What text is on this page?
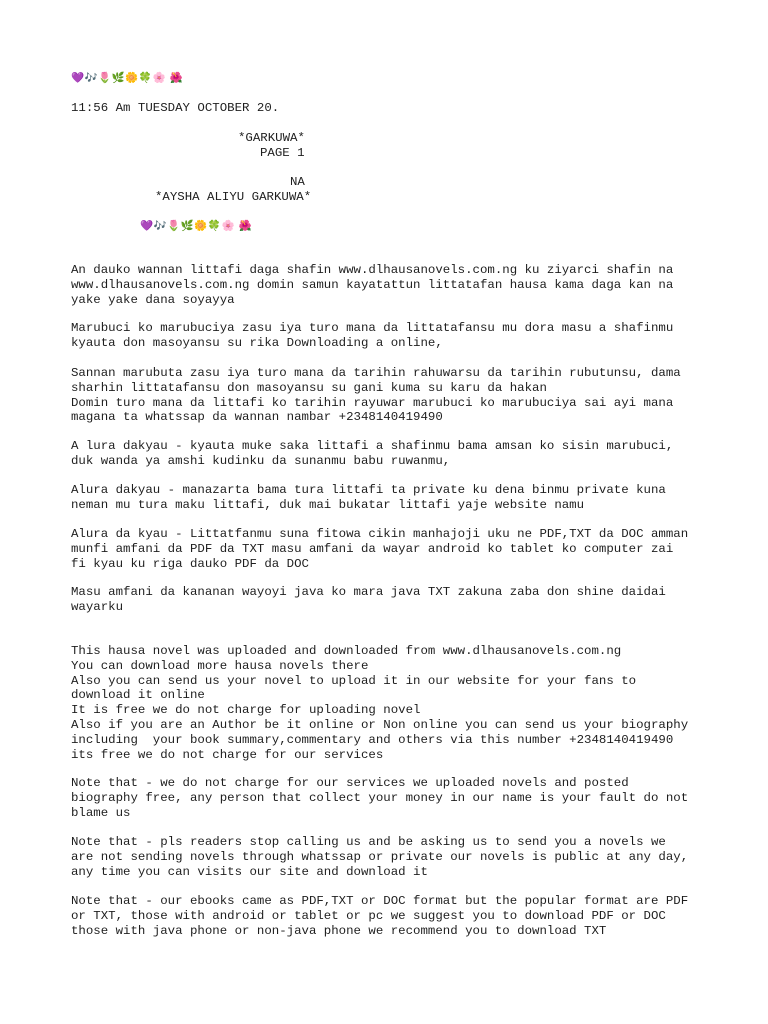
💜🎶🌷🌿🌼🍀🌸 🌺
11:56 Am TUESDAY OCTOBER 20.
*GARKUWA*
PAGE 1
NA
*AYSHA ALIYU GARKUWA*
💜🎶🌷🌿🌼🍀🌸 🌺

An dauko wannan littafi daga shafin www.dlhausanovels.com.ng ku ziyarci shafin na
www.dlhausanovels.com.ng domin samun kayatattun littatafan hausa kama daga kan na
yake yake dana soyayya

Marubuci ko marubuciya zasu iya turo mana da littatafansu mu dora masu a shafinmu
kyauta don masoyansu su rika Downloading a online,

Sannan marubuta zasu iya turo mana da tarihin rahuwarsu da tarihin rubutunsu, dama
sharhin littatafansu don masoyansu su gani kuma su karu da hakan
Domin turo mana da littafi ko tarihin rayuwar marubuci ko marubuciya sai ayi mana
magana ta whatssap da wannan nambar +2348140419490

A lura dakyau - kyauta muke saka littafi a shafinmu bama amsan ko sisin marubuci,
duk wanda ya amshi kudinku da sunanmu babu ruwanmu,

Alura dakyau - manazarta bama tura littafi ta private ku dena binmu private kuna
neman mu tura maku littafi, duk mai bukatar littafi yaje website namu

Alura da kyau - Littatfanmu suna fitowa cikin manhajoji uku ne PDF,TXT da DOC amman
munfi amfani da PDF da TXT masu amfani da wayar android ko tablet ko computer zai
fi kyau ku riga dauko PDF da DOC

Masu amfani da kananan wayoyi java ko mara java TXT zakuna zaba don shine daidai
wayarku

This hausa novel was uploaded and downloaded from www.dlhausanovels.com.ng
You can download more hausa novels there
Also you can send us your novel to upload it in our website for your fans to
download it online
It is free we do not charge for uploading novel
Also if you are an Author be it online or Non online you can send us your biography
including  your book summary,commentary and others via this number +2348140419490
its free we do not charge for our services

Note that - we do not charge for our services we uploaded novels and posted
biography free, any person that collect your money in our name is your fault do not
blame us

Note that - pls readers stop calling us and be asking us to send you a novels we
are not sending novels through whatssap or private our novels is public at any day,
any time you can visits our site and download it

Note that - our ebooks came as PDF,TXT or DOC format but the popular format are PDF
or TXT, those with android or tablet or pc we suggest you to download PDF or DOC
those with java phone or non-java phone we recommend you to download TXT
